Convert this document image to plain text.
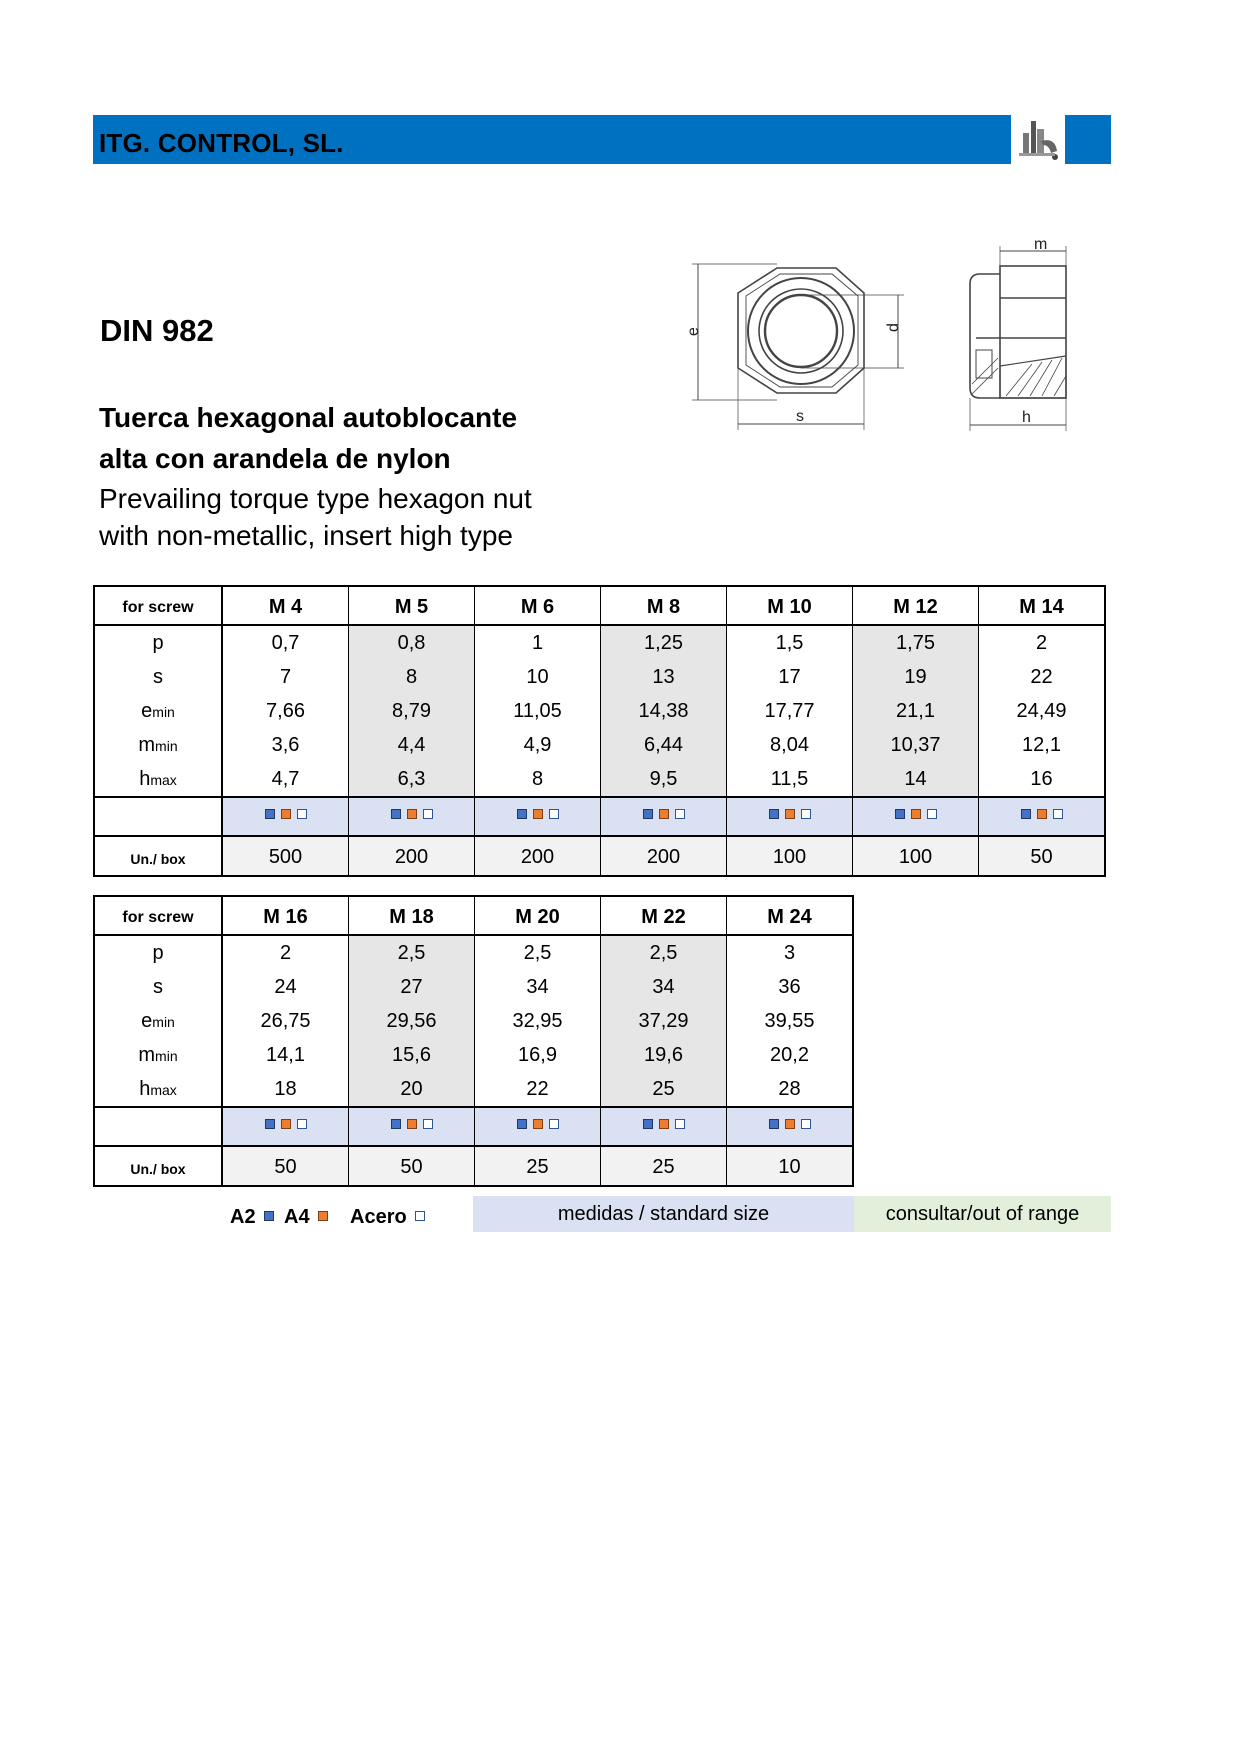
ITG. CONTROL, SL.
DIN 982
Tuerca hexagonal autoblocante
alta con arandela de nylon
Prevailing torque type hexagon nut
with non-metallic, insert high type
e	d
s
m
h
for screw	M 4	M 5	M 6	M 8	M 10	M 12	M 14
p	0,7	0,8	1	1,25	1,5	1,75	2
s	7	8	10	13	17	19	22
emin	7,66	8,79	11,05	14,38	17,77	21,1	24,49
mmin	3,6	4,4	4,9	6,44	8,04	10,37	12,1
hmax	4,7	6,3	8	9,5	11,5	14	16

Un./ box	500	200	200	200	100	100	50
for screw	M 16	M 18	M 20	M 22	M 24
p	2	2,5	2,5	2,5	3
s	24	27	34	34	36
emin	26,75	29,56	32,95	37,29	39,55
mmin	14,1	15,6	16,9	19,6	20,2
hmax	18	20	22	25	28

Un./ box	50	50	25	25	10
A2	A4	Acero	medidas / standard size	consultar/out of range
